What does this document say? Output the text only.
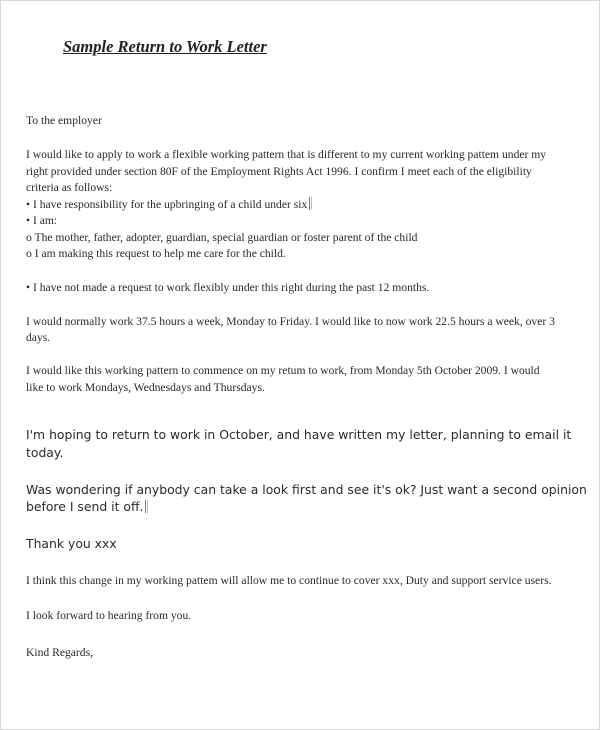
Sample Return to Work Letter
To the employer
I would like to apply to work a flexible working pattern that is different to my current working pattem under my
right provided under section 80F of the Employment Rights Act 1996. I confirm I meet each of the eligibility
criteria as follows:
• I have responsibility for the upbringing of a child under six
• I am:
o The mother, father, adopter, guardian, special guardian or foster parent of the child
o I am making this request to help me care for the child.
• I have not made a request to work flexibly under this right during the past 12 months.
I would normally work 37.5 hours a week, Monday to Friday. I would like to now work 22.5 hours a week, over 3
days.
I would like this working pattern to commence on my retum to work, from Monday 5th October 2009. I would
like to work Mondays, Wednesdays and Thursdays.
I'm hoping to return to work in October, and have written my letter, planning to email it
today.
Was wondering if anybody can take a look first and see it's ok? Just want a second opinion
before I send it off.
Thank you xxx
I think this change in my working pattem will allow me to continue to cover xxx, Duty and support service users.
I look forward to hearing from you.
Kind Regards,
